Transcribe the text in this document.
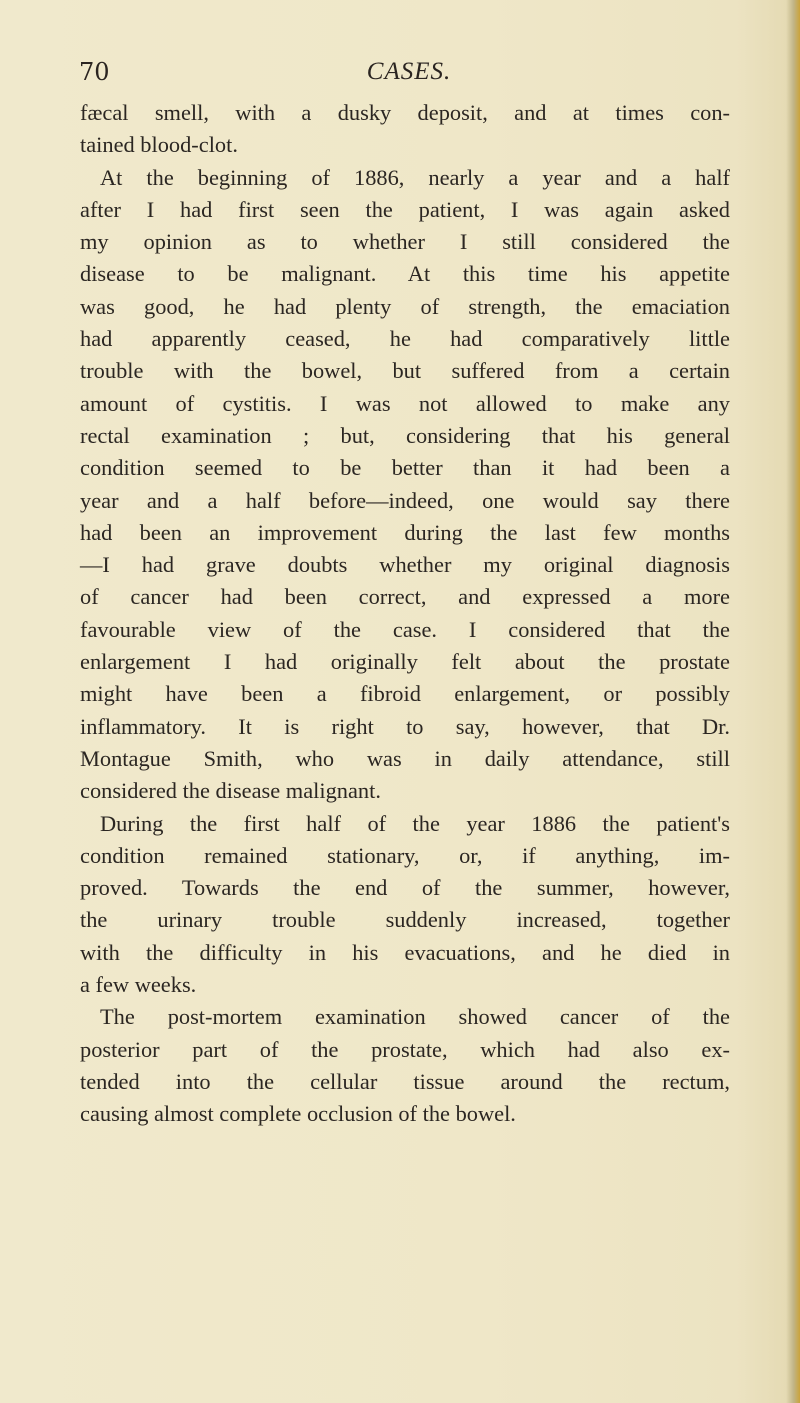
70	CASES.
fæcal smell, with a dusky deposit, and at times con-
tained blood-clot.
At the beginning of 1886, nearly a year and a half
after I had first seen the patient, I was again asked
my opinion as to whether I still considered the
disease to be malignant. At this time his appetite
was good, he had plenty of strength, the emaciation
had apparently ceased, he had comparatively little
trouble with the bowel, but suffered from a certain
amount of cystitis. I was not allowed to make any
rectal examination ; but, considering that his general
condition seemed to be better than it had been a
year and a half before—indeed, one would say there
had been an improvement during the last few months
—I had grave doubts whether my original diagnosis
of cancer had been correct, and expressed a more
favourable view of the case. I considered that the
enlargement I had originally felt about the prostate
might have been a fibroid enlargement, or possibly
inflammatory. It is right to say, however, that Dr.
Montague Smith, who was in daily attendance, still
considered the disease malignant.
During the first half of the year 1886 the patient's
condition remained stationary, or, if anything, im-
proved. Towards the end of the summer, however,
the urinary trouble suddenly increased, together
with the difficulty in his evacuations, and he died in
a few weeks.
The post-mortem examination showed cancer of the
posterior part of the prostate, which had also ex-
tended into the cellular tissue around the rectum,
causing almost complete occlusion of the bowel.
